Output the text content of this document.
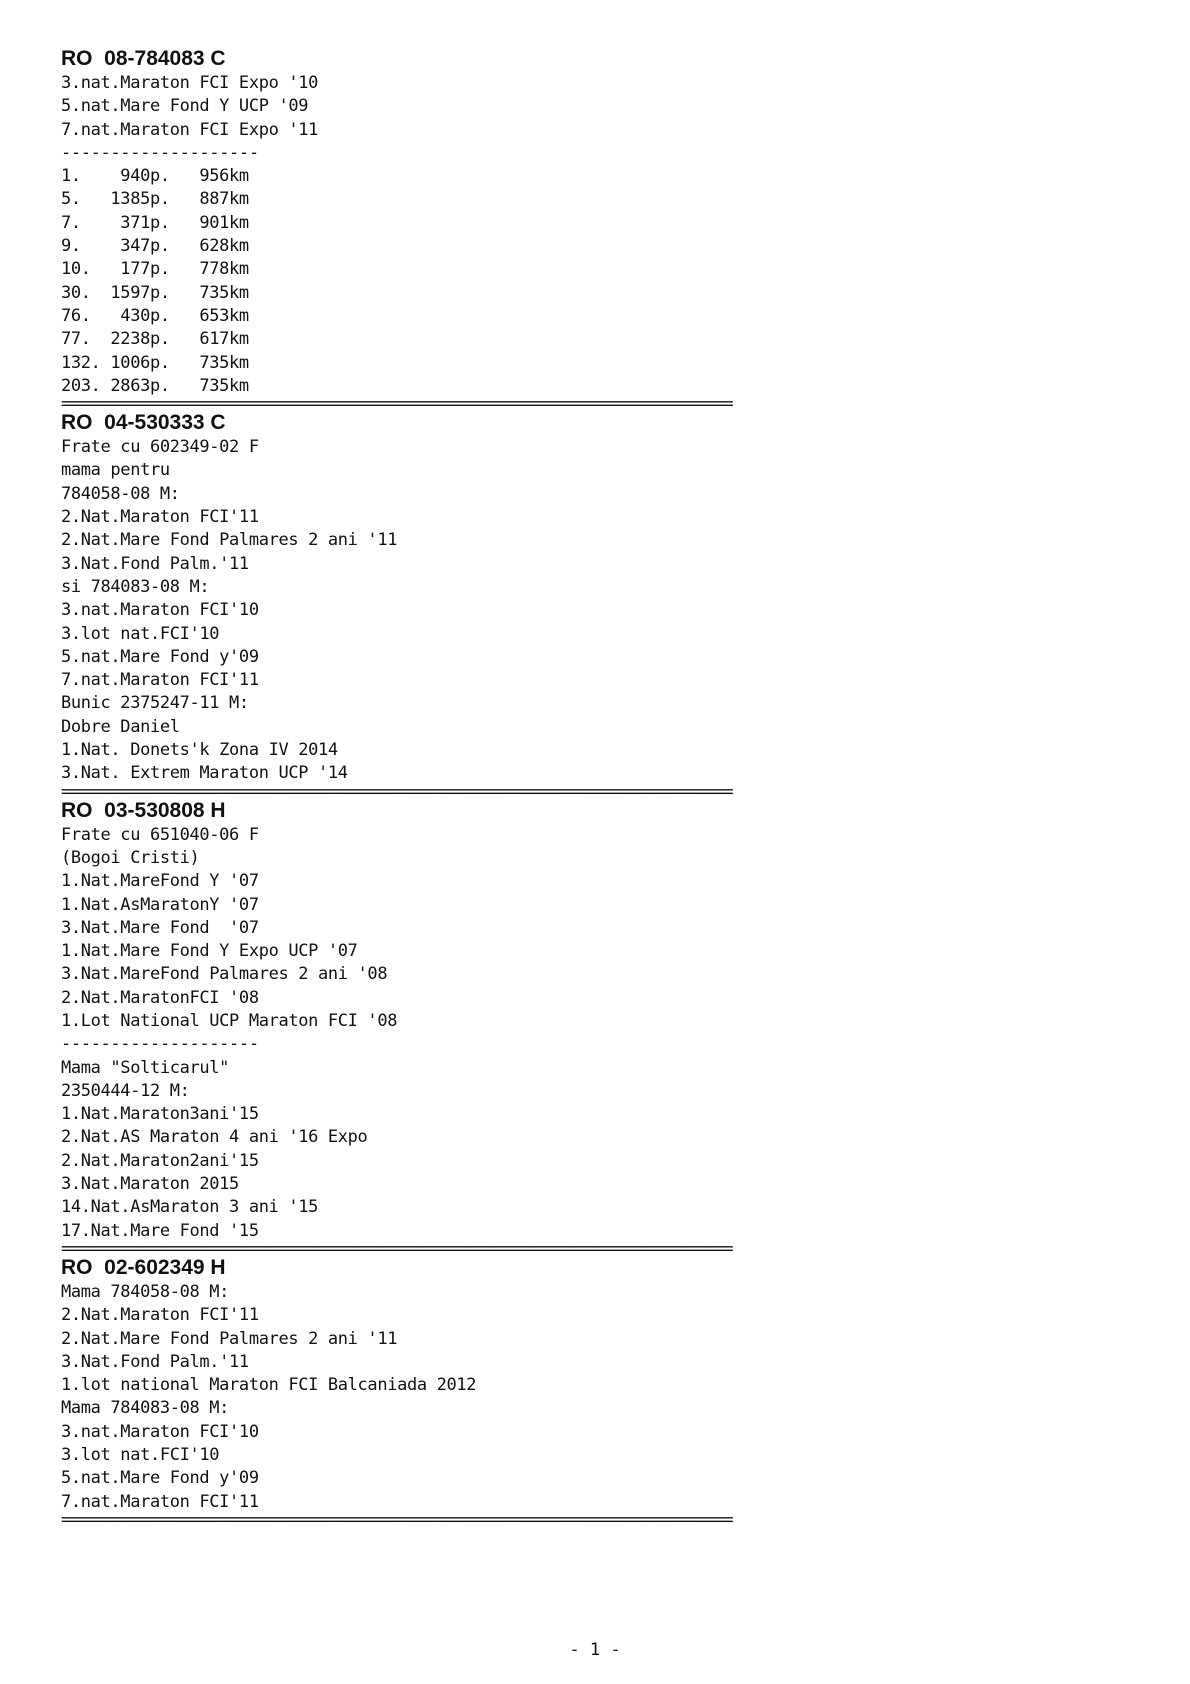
RO  08-784083 C
3.nat.Maraton FCI Expo '10
5.nat.Mare Fond Y UCP '09
7.nat.Maraton FCI Expo '11
--------------------
1.    940p.   956km
5.   1385p.   887km
7.    371p.   901km
9.    347p.   628km
10.   177p.   778km
30.  1597p.   735km
76.   430p.   653km
77.  2238p.   617km
132. 1006p.   735km
203. 2863p.   735km
================================================================================
RO  04-530333 C
Frate cu 602349-02 F
mama pentru
784058-08 M:
2.Nat.Maraton FCI'11
2.Nat.Mare Fond Palmares 2 ani '11
3.Nat.Fond Palm.'11
si 784083-08 M:
3.nat.Maraton FCI'10
3.lot nat.FCI'10
5.nat.Mare Fond y'09
7.nat.Maraton FCI'11
Bunic 2375247-11 M:
Dobre Daniel
1.Nat. Donets'k Zona IV 2014
3.Nat. Extrem Maraton UCP '14
================================================================================
RO  03-530808 H
Frate cu 651040-06 F
(Bogoi Cristi)
1.Nat.MareFond Y '07
1.Nat.AsMaratonY '07
3.Nat.Mare Fond  '07
1.Nat.Mare Fond Y Expo UCP '07
3.Nat.MareFond Palmares 2 ani '08
2.Nat.MaratonFCI '08
1.Lot National UCP Maraton FCI '08
--------------------
Mama "Solticarul"
2350444-12 M:
1.Nat.Maraton3ani'15
2.Nat.AS Maraton 4 ani '16 Expo
2.Nat.Maraton2ani'15
3.Nat.Maraton 2015
14.Nat.AsMaraton 3 ani '15
17.Nat.Mare Fond '15
================================================================================
RO  02-602349 H
Mama 784058-08 M:
2.Nat.Maraton FCI'11
2.Nat.Mare Fond Palmares 2 ani '11
3.Nat.Fond Palm.'11
1.lot national Maraton FCI Balcaniada 2012
Mama 784083-08 M:
3.nat.Maraton FCI'10
3.lot nat.FCI'10
5.nat.Mare Fond y'09
7.nat.Maraton FCI'11
================================================================================
- 1 -
